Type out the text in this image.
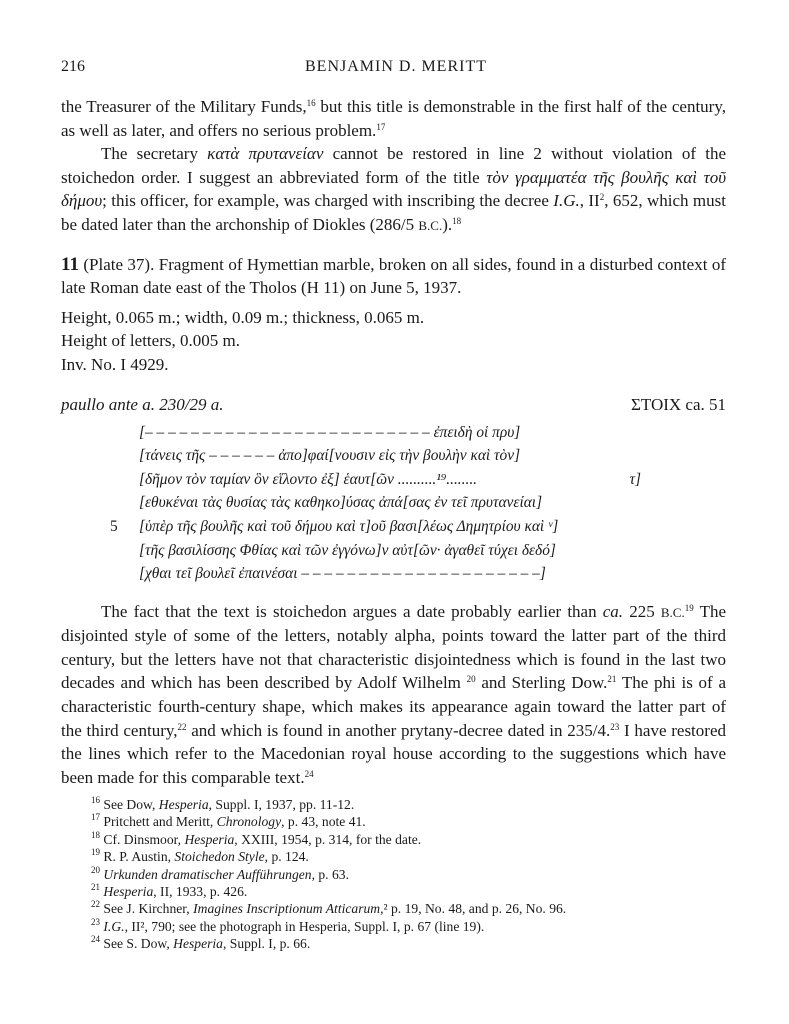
216	BENJAMIN D. MERITT

the Treasurer of the Military Funds,$^{16}$ but this title is demonstrable in the first half of the century, as well as later, and offers no serious problem.$^{17}$

The secretary κατὰ πρυτανείαν cannot be restored in line 2 without violation of the stoichedon order. I suggest an abbreviated form of the title τὸν γραμματέα τῆς βουλῆς καὶ τοῦ δήμου; this officer, for example, was charged with inscribing the decree I.G., $II^2$, 652, which must be dated later than the archonship of Diokles (286/5 B.C.).$^{18}$

11 (Plate 37). Fragment of Hymettian marble, broken on all sides, found in a disturbed context of late Roman date east of the Tholos (H 11) on June 5, 1937.

Height, 0.065 m.; width, 0.09 m.; thickness, 0.065 m.
Height of letters, 0.005 m.
Inv. No. I 4929.

paullo ante a. 230/29 a.	ΣΤΟΙΧ ca. 51
[– – – – – – – – – – – – – – – – – – – – – – – – – ἐπειδὴ οἱ πρυ]
[τάνεις τῆς – – – – – – ἀπο]φαί[νουσιν εἰς τὴν βουλὴν καὶ τὸν]
[δῆμον τὸν ταμίαν ὃν εἵλοντο ἐξ] ἑαυτ[ῶν ..........¹⁹........	τ]
[εθυκέναι τὰς θυσίας τὰς καθηκο]ύσας ἀπά[σας ἐν τεῖ πρυτανείαι]
5 [ὑπὲρ τῆς βουλῆς καὶ τοῦ δήμου καὶ τ]οῦ βασι[λέως Δημητρίου καὶ ᵛ]
[τῆς βασιλίσσης Φθίας καὶ τῶν ἐγγόνω]ν αὐτ[ῶν· ἀγαθεῖ τύχει δεδό]
[χθαι τεῖ βουλεῖ ἐπαινέσαι – – – – – – – – – – – – – – – – – – – – –]

The fact that the text is stoichedon argues a date probably earlier than ca. 225 B.C.$^{19}$ The disjointed style of some of the letters, notably alpha, points toward the latter part of the third century, but the letters have not that characteristic disjointedness which is found in the last two decades and which has been described by Adolf Wilhelm $^{20}$ and Sterling Dow.$^{21}$ The phi is of a characteristic fourth-century shape, which makes its appearance again toward the latter part of the third century,$^{22}$ and which is found in another prytany-decree dated in 235/4.23 I have restored the lines which refer to the Macedonian royal house according to the suggestions which have been made for this comparable text.$^{24}$

$^{16}$ See Dow, Hesperia, Suppl. I, 1937, pp. 11-12.
$^{17}$ Pritchett and Meritt, Chronology, p. 43, note 41.
$^{18}$ Cf. Dinsmoor, Hesperia, XXIII, 1954, p. 314, for the date.
$^{19}$ R. P. Austin, Stoichedon Style, p. 124.
$^{20}$ Urkunden dramatischer Aufführungen, p. 63.
$^{21}$ Hesperia, II, 1933, p. 426.
$^{22}$ See J. Kirchner, Imagines Inscriptionum Atticarum,² p. 19, No. 48, and p. 26, No. 96.
$^{23}$ I.G., II², 790; see the photograph in Hesperia, Suppl. I, p. 67 (line 19).
$^{24}$ See S. Dow, Hesperia, Suppl. I, p. 66.
